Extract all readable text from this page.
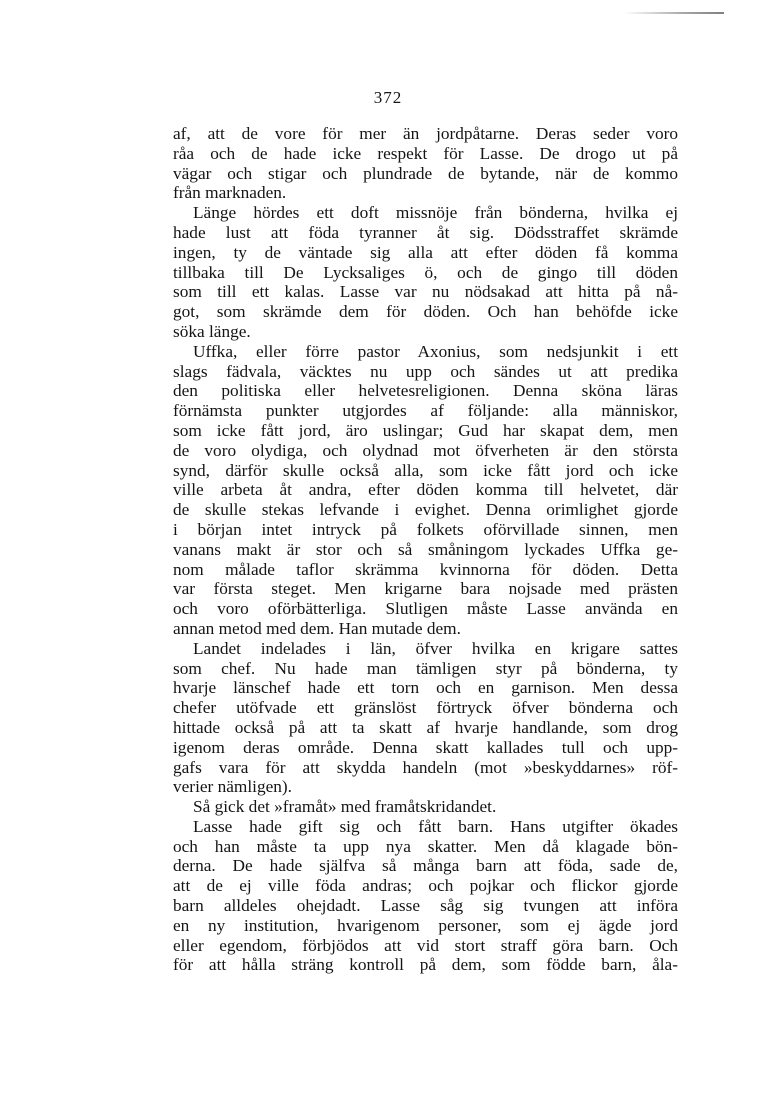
372
af, att de vore för mer än jordpåtarne. Deras seder voro
råa och de hade icke respekt för Lasse. De drogo ut på
vägar och stigar och plundrade de bytande, när de kommo
från marknaden.
Länge hördes ett doft missnöje från bönderna, hvilka ej
hade lust att föda tyranner åt sig. Dödsstraffet skrämde
ingen, ty de väntade sig alla att efter döden få komma
tillbaka till De Lycksaliges ö, och de gingo till döden
som till ett kalas. Lasse var nu nödsakad att hitta på nå-
got, som skrämde dem för döden. Och han behöfde icke
söka länge.
Uffka, eller förre pastor Axonius, som nedsjunkit i ett
slags fädvala, väcktes nu upp och sändes ut att predika
den politiska eller helvetesreligionen. Denna sköna läras
förnämsta punkter utgjordes af följande: alla människor,
som icke fått jord, äro uslingar; Gud har skapat dem, men
de voro olydiga, och olydnad mot öfverheten är den största
synd, därför skulle också alla, som icke fått jord och icke
ville arbeta åt andra, efter döden komma till helvetet, där
de skulle stekas lefvande i evighet. Denna orimlighet gjorde
i början intet intryck på folkets oförvillade sinnen, men
vanans makt är stor och så småningom lyckades Uffka ge-
nom målade taflor skrämma kvinnorna för döden. Detta
var första steget. Men krigarne bara nojsade med prästen
och voro oförbätterliga. Slutligen måste Lasse använda en
annan metod med dem. Han mutade dem.
Landet indelades i län, öfver hvilka en krigare sattes
som chef. Nu hade man tämligen styr på bönderna, ty
hvarje länschef hade ett torn och en garnison. Men dessa
chefer utöfvade ett gränslöst förtryck öfver bönderna och
hittade också på att ta skatt af hvarje handlande, som drog
igenom deras område. Denna skatt kallades tull och upp-
gafs vara för att skydda handeln (mot »beskyddarnes» röf-
verier nämligen).
Så gick det »framåt» med framåtskridandet.
Lasse hade gift sig och fått barn. Hans utgifter ökades
och han måste ta upp nya skatter. Men då klagade bön-
derna. De hade själfva så många barn att föda, sade de,
att de ej ville föda andras; och pojkar och flickor gjorde
barn alldeles ohejdadt. Lasse såg sig tvungen att införa
en ny institution, hvarigenom personer, som ej ägde jord
eller egendom, förbjödos att vid stort straff göra barn. Och
för att hålla sträng kontroll på dem, som födde barn, åla-
